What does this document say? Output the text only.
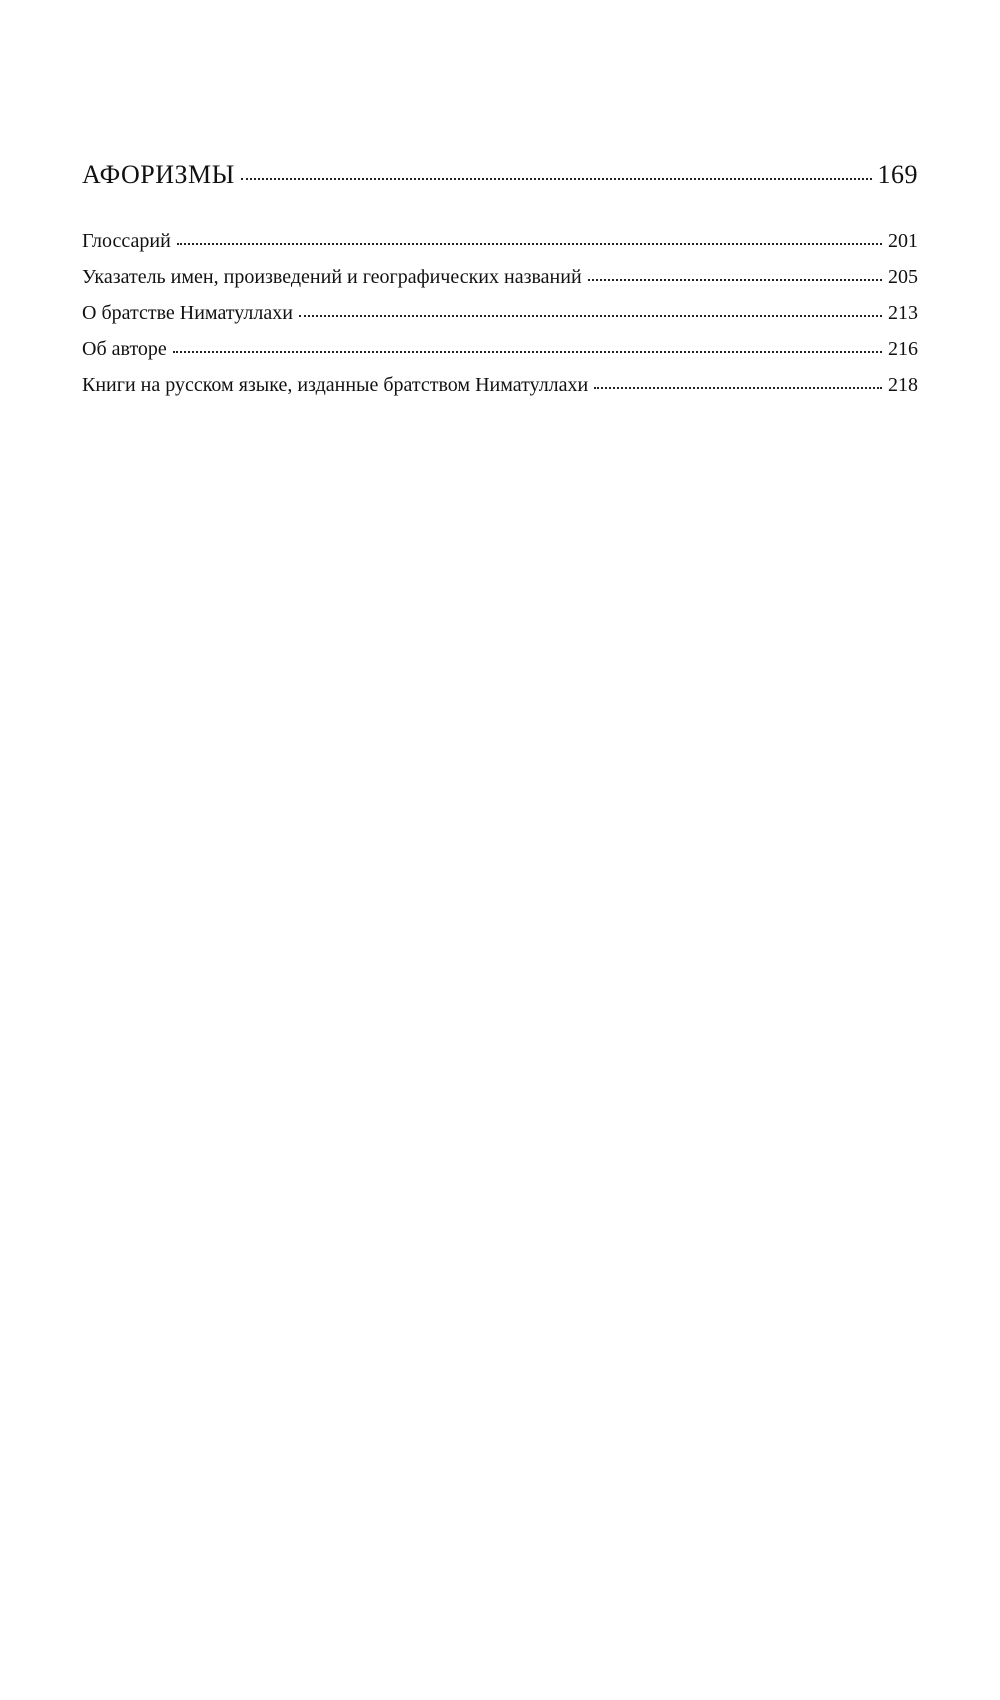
АФОРИЗМЫ	169
Глоссарий	201
Указатель имен, произведений и географических названий	205
О братстве Ниматуллахи	213
Об авторе	216
Книги на русском языке, изданные братством Ниматуллахи	218
